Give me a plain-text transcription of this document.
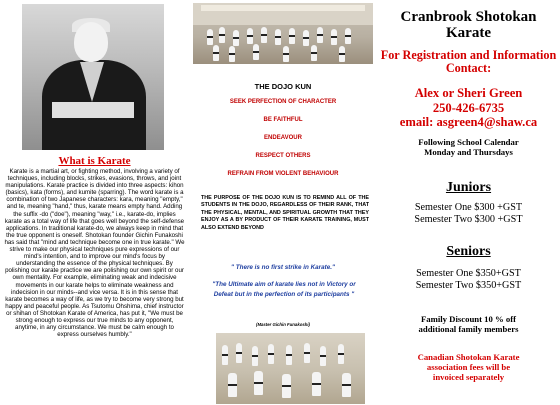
What is Karate
Karate is a martial art, or fighting method, involving a variety of techniques, including blocks, strikes, evasions, throws, and joint manipulations. Karate practice is divided into three aspects: kihon (basics), kata (forms), and kumite (sparring). The word karate is a combination of two Japanese characters: kara, meaning "empty," and te, meaning "hand," thus, karate means empty hand. Adding the suffix -do ("doe"), meaning "way," i.e., karate-do, implies karate as a total way of life that goes well beyond the self-defense applications. In traditional karate-do, we always keep in mind that the true opponent is oneself. Shotokan founder Gichin Funakoshi has said that "mind and technique become one in true karate." We strive to make our physical techniques pure expressions of our mind's intention, and to improve our mind's focus by understanding the essence of the physical techniques. By polishing our karate practice we are polishing our own spirit or our own mentality. For example, eliminating weak and indecisive movements in our karate helps to eliminate weakness and indecision in our minds--and vice versa. It is in this sense that karate becomes a way of life, as we try to become very strong but happy and peaceful people. As Tsutomu Ohshima, chief instructor or shihan of Shotokan Karate of America, has put it, "We must be strong enough to express our true minds to any opponent, anytime, in any circumstance. We must be calm enough to express ourselves humbly."
THE DOJO KUN
SEEK PERFECTION OF CHARACTER
BE FAITHFUL
ENDEAVOUR
RESPECT OTHERS
REFRAIN FROM VIOLENT BEHAVIOUR
THE PURPOSE OF THE DOJO KUN IS TO REMIND ALL OF THE STUDENTS IN THE DOJO, REGARDLESS OF THEIR RANK, THAT THE PHYSICAL, MENTAL, AND SPIRITUAL GROWTH THAT THEY ENJOY AS A BY PRODUCT OF THEIR KARATE TRAINING, MUST ALSO EXTEND BEYOND
" There is no first strike in Karate."
"The Ultimate aim of karate lies not in Victory or Defeat but in the perfection of its participants "
(Master Gichin Funakoshi)
Cranbrook Shotokan Karate
For Registration and Information Contact:
Alex or Sheri Green
250-426-6735
email: asgreen4@shaw.ca
Following School Calendar
Monday and Thursdays
Juniors
Semester One $300 +GST
Semester Two $300 +GST
Seniors
Semester One $350+GST
Semester Two $350+GST
Family Discount 10 % off
additional family members
Canadian Shotokan Karate
association fees will be
invoiced separately
